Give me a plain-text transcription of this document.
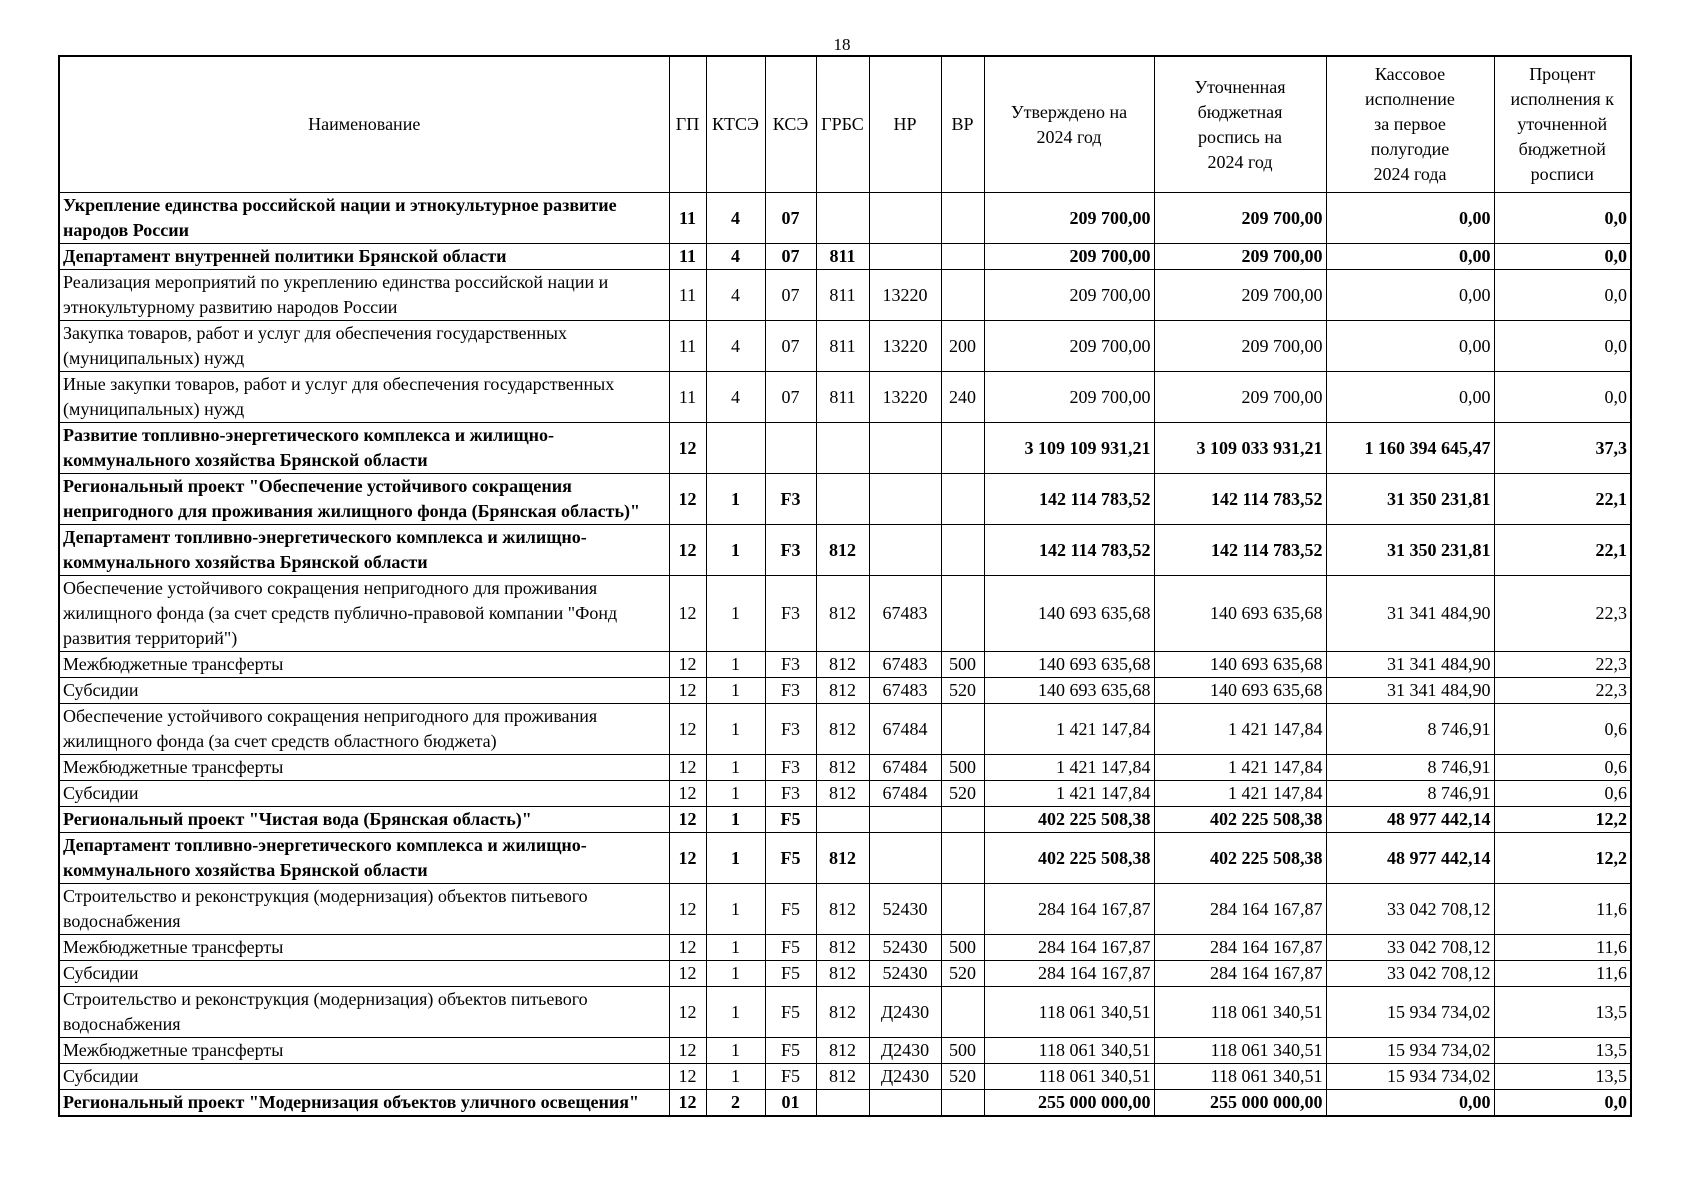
18
Наименование	ГП	КТСЭ	КСЭ	ГРБС	НР	ВР	Утверждено на 2024 год	Уточненная бюджетная роспись на 2024 год	Кассовое исполнение за первое полугодие 2024 года	Процент исполнения к уточненной бюджетной росписи
Укрепление единства российской нации и этнокультурное развитие народов России	11	4	07				209 700,00	209 700,00	0,00	0,0
Департамент внутренней политики Брянской области	11	4	07	811			209 700,00	209 700,00	0,00	0,0
Реализация мероприятий по укреплению единства российской нации и этнокультурному развитию народов России	11	4	07	811	13220		209 700,00	209 700,00	0,00	0,0
Закупка товаров, работ и услуг для обеспечения государственных (муниципальных) нужд	11	4	07	811	13220	200	209 700,00	209 700,00	0,00	0,0
Иные закупки товаров, работ и услуг для обеспечения государственных (муниципальных) нужд	11	4	07	811	13220	240	209 700,00	209 700,00	0,00	0,0
Развитие топливно-энергетического комплекса и жилищно-коммунального хозяйства Брянской области	12						3 109 109 931,21	3 109 033 931,21	1 160 394 645,47	37,3
Региональный проект "Обеспечение устойчивого сокращения непригодного для проживания жилищного фонда (Брянская область)"	12	1	F3				142 114 783,52	142 114 783,52	31 350 231,81	22,1
Департамент топливно-энергетического комплекса и жилищно-коммунального хозяйства Брянской области	12	1	F3	812			142 114 783,52	142 114 783,52	31 350 231,81	22,1
Обеспечение устойчивого сокращения непригодного для проживания жилищного фонда (за счет средств публично-правовой компании "Фонд развития территорий")	12	1	F3	812	67483		140 693 635,68	140 693 635,68	31 341 484,90	22,3
Межбюджетные трансферты	12	1	F3	812	67483	500	140 693 635,68	140 693 635,68	31 341 484,90	22,3
Субсидии	12	1	F3	812	67483	520	140 693 635,68	140 693 635,68	31 341 484,90	22,3
Обеспечение устойчивого сокращения непригодного для проживания жилищного фонда (за счет средств областного бюджета)	12	1	F3	812	67484		1 421 147,84	1 421 147,84	8 746,91	0,6
Межбюджетные трансферты	12	1	F3	812	67484	500	1 421 147,84	1 421 147,84	8 746,91	0,6
Субсидии	12	1	F3	812	67484	520	1 421 147,84	1 421 147,84	8 746,91	0,6
Региональный проект "Чистая вода (Брянская область)"	12	1	F5				402 225 508,38	402 225 508,38	48 977 442,14	12,2
Департамент топливно-энергетического комплекса и жилищно-коммунального хозяйства Брянской области	12	1	F5	812			402 225 508,38	402 225 508,38	48 977 442,14	12,2
Строительство и реконструкция (модернизация) объектов питьевого водоснабжения	12	1	F5	812	52430		284 164 167,87	284 164 167,87	33 042 708,12	11,6
Межбюджетные трансферты	12	1	F5	812	52430	500	284 164 167,87	284 164 167,87	33 042 708,12	11,6
Субсидии	12	1	F5	812	52430	520	284 164 167,87	284 164 167,87	33 042 708,12	11,6
Строительство и реконструкция (модернизация) объектов питьевого водоснабжения	12	1	F5	812	Д2430		118 061 340,51	118 061 340,51	15 934 734,02	13,5
Межбюджетные трансферты	12	1	F5	812	Д2430	500	118 061 340,51	118 061 340,51	15 934 734,02	13,5
Субсидии	12	1	F5	812	Д2430	520	118 061 340,51	118 061 340,51	15 934 734,02	13,5
Региональный проект "Модернизация объектов уличного освещения"	12	2	01				255 000 000,00	255 000 000,00	0,00	0,0
